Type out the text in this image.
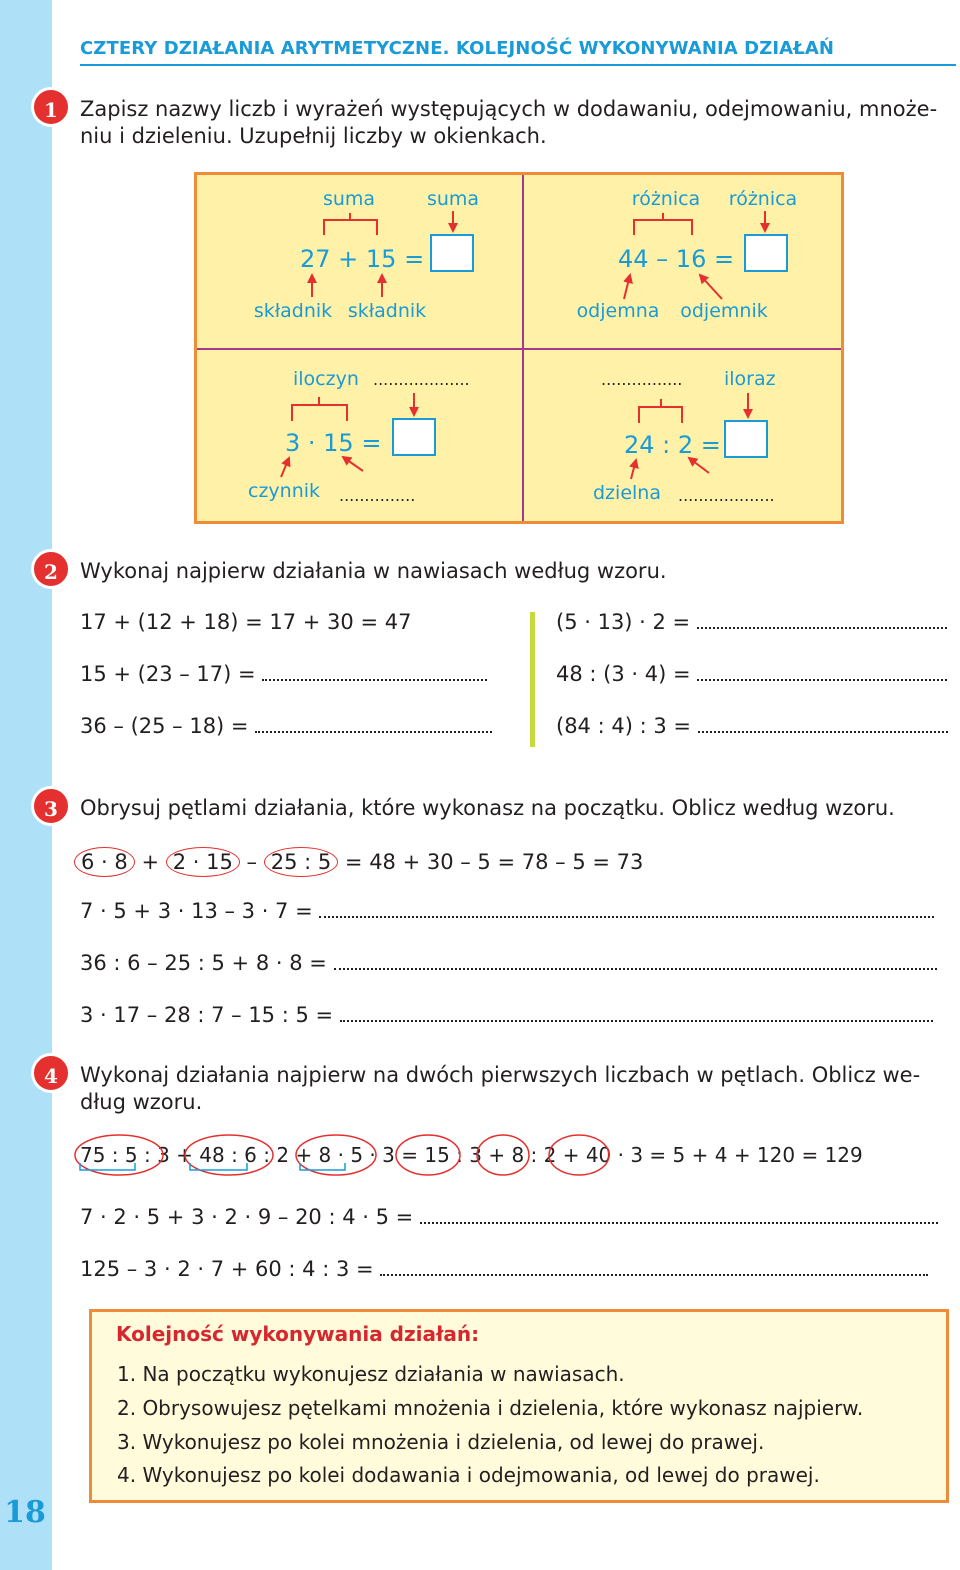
18
CZTERY DZIAŁANIA ARYTMETYCZNE. KOLEJNOŚĆ WYKONYWANIA DZIAŁAŃ
1	Zapisz nazwy liczb i wyrażeń występujących w dodawaniu, odejmowaniu, mnoże-
niu i dzieleniu. Uzupełnij liczby w okienkach.
suma	suma
27 + 15 =
składnik składnik
różnica różnica
44 – 16 =
odjemna odjemnik
iloczyn ...................
3 · 15 =
czynnik ...............
................ iloraz
24 : 2 =
dzielna ...................
2	Wykonaj najpierw działania w nawiasach według wzoru.
17 + (12 + 18) = 17 + 30 = 47
15 + (23 – 17) =
36 – (25 – 18) =
(5 · 13) · 2 =
48 : (3 · 4) =
(84 : 4) : 3 =
3	Obrysuj pętlami działania, które wykonasz na początku. Oblicz według wzoru.
6 · 8 + 2 · 15 – 25 : 5 = 48 + 30 – 5 = 78 – 5 = 73
7 · 5 + 3 · 13 – 3 · 7 =
36 : 6 – 25 : 5 + 8 · 8 =
3 · 17 – 28 : 7 – 15 : 5 =
4	Wykonaj działania najpierw na dwóch pierwszych liczbach w pętlach. Oblicz we-
dług wzoru.
75 : 5 : 3 + 48 : 6 : 2 + 8 · 5 · 3 = 15 : 3 + 8 : 2 + 40 · 3 = 5 + 4 + 120 = 129
7 · 2 · 5 + 3 · 2 · 9 – 20 : 4 · 5 =
125 – 3 · 2 · 7 + 60 : 4 : 3 =
Kolejność wykonywania działań:
1. Na początku wykonujesz działania w nawiasach.
2. Obrysowujesz pętelkami mnożenia i dzielenia, które wykonasz najpierw.
3. Wykonujesz po kolei mnożenia i dzielenia, od lewej do prawej.
4. Wykonujesz po kolei dodawania i odejmowania, od lewej do prawej.
